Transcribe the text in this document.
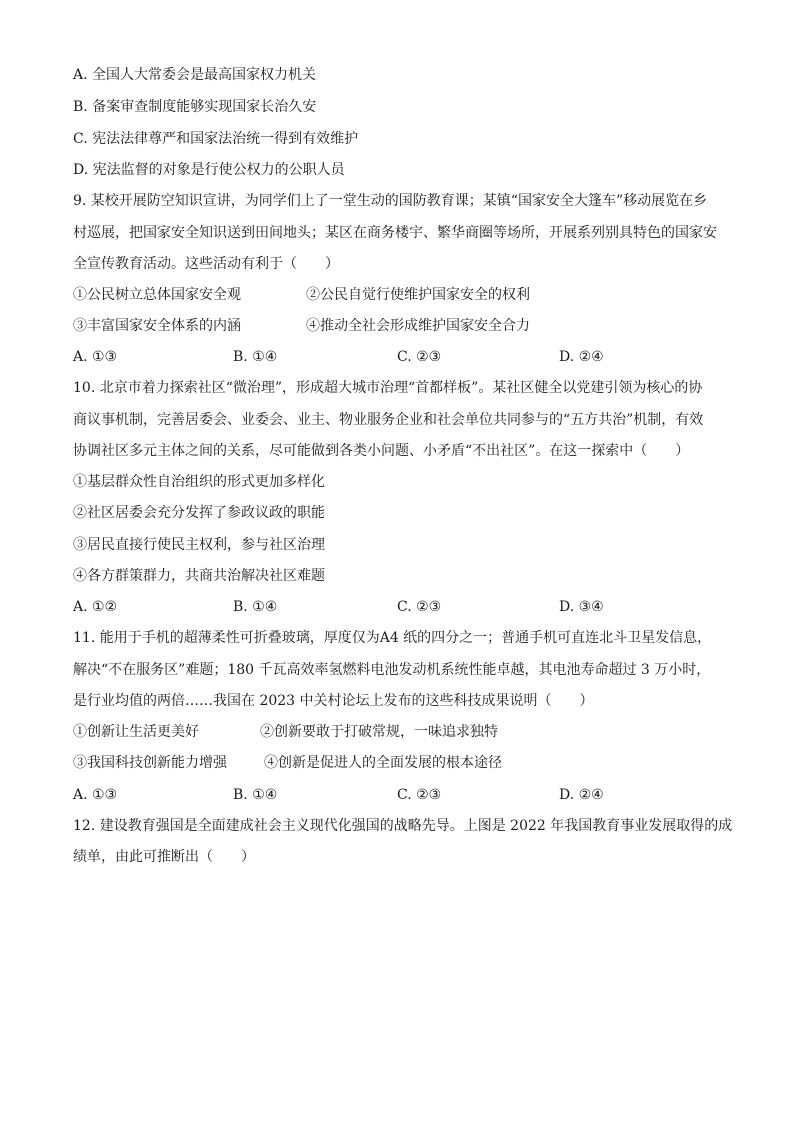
A. 全国人大常委会是最高国家权力机关
B. 备案审查制度能够实现国家长治久安
C. 宪法法律尊严和国家法治统一得到有效维护
D. 宪法监督的对象是行使公权力的公职人员
9. 某校开展防空知识宣讲，为同学们上了一堂生动的国防教育课；某镇“国家安全大篷车”移动展览在乡
村巡展，把国家安全知识送到田间地头；某区在商务楼宇、繁华商圈等场所，开展系列别具特色的国家安
全宣传教育活动。这些活动有利于（　　）
①公民树立总体国家安全观	②公民自觉行使维护国家安全的权利
③丰富国家安全体系的内涵	④推动全社会形成维护国家安全合力
A. ①③	B. ①④	C. ②③	D. ②④
10. 北京市着力探索社区“微治理”，形成超大城市治理“首都样板”。某社区健全以党建引领为核心的协
商议事机制，完善居委会、业委会、业主、物业服务企业和社会单位共同参与的“五方共治”机制，有效
协调社区多元主体之间的关系，尽可能做到各类小问题、小矛盾“不出社区”。在这一探索中（　　）
①基层群众性自治组织的形式更加多样化
②社区居委会充分发挥了参政议政的职能
③居民直接行使民主权利，参与社区治理
④各方群策群力，共商共治解决社区难题
A. ①②	B. ①④	C. ②③	D. ③④
11. 能用于手机的超薄柔性可折叠玻璃，厚度仅为A4 纸的四分之一；普通手机可直连北斗卫星发信息，
解决“不在服务区”难题；180 千瓦高效率氢燃料电池发动机系统性能卓越，其电池寿命超过 3 万小时，
是行业均值的两倍……我国在 2023 中关村论坛上发布的这些科技成果说明（　　）
①创新让生活更美好	②创新要敢于打破常规，一味追求独特
③我国科技创新能力增强	④创新是促进人的全面发展的根本途径
A. ①③	B. ①④	C. ②③	D. ②④
12. 建设教育强国是全面建成社会主义现代化强国的战略先导。上图是 2022 年我国教育事业发展取得的成
绩单，由此可推断出（　　）
